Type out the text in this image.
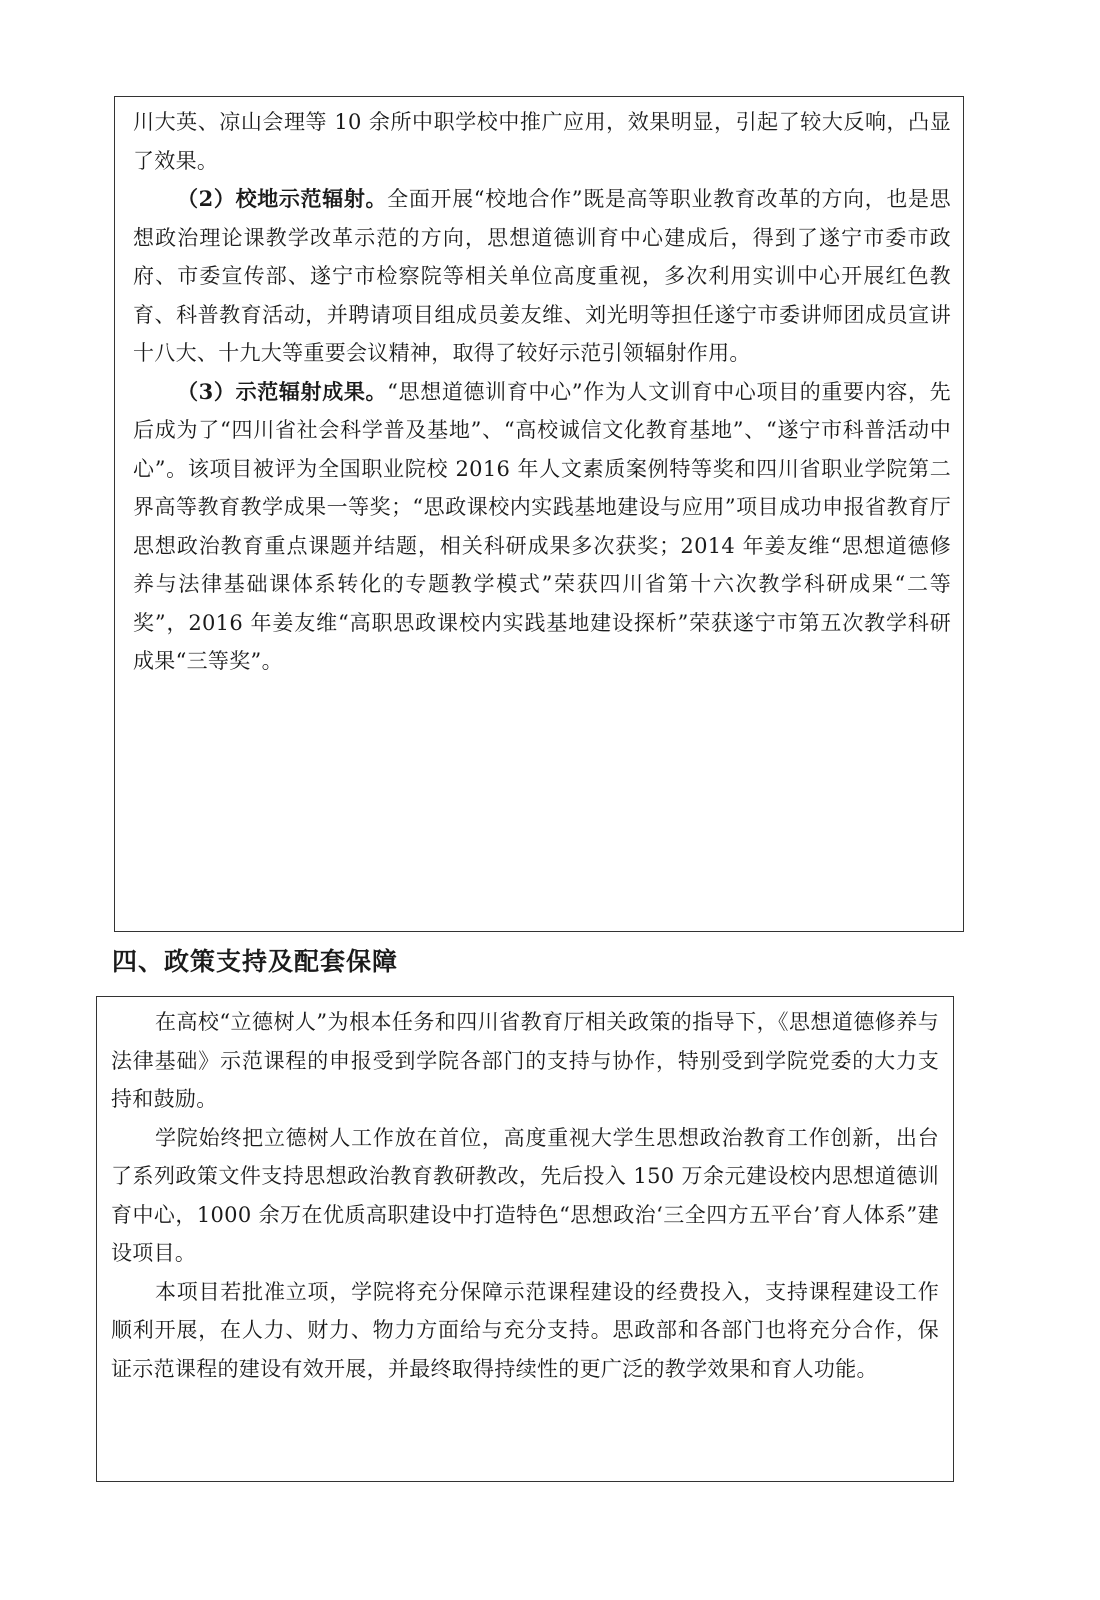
川大英、凉山会理等 10 余所中职学校中推广应用，效果明显，引起了较大反响，凸显了效果。

（2）校地示范辐射。全面开展“校地合作”既是高等职业教育改革的方向，也是思想政治理论课教学改革示范的方向，思想道德训育中心建成后，得到了遂宁市委市政府、市委宣传部、遂宁市检察院等相关单位高度重视，多次利用实训中心开展红色教育、科普教育活动，并聘请项目组成员姜友维、刘光明等担任遂宁市委讲师团成员宣讲十八大、十九大等重要会议精神，取得了较好示范引领辐射作用。

（3）示范辐射成果。“思想道德训育中心”作为人文训育中心项目的重要内容，先后成为了“四川省社会科学普及基地”、“高校诚信文化教育基地”、“遂宁市科普活动中心”。该项目被评为全国职业院校 2016 年人文素质案例特等奖和四川省职业学院第二界高等教育教学成果一等奖；“思政课校内实践基地建设与应用”项目成功申报省教育厅思想政治教育重点课题并结题，相关科研成果多次获奖；2014 年姜友维“思想道德修养与法律基础课体系转化的专题教学模式”荣获四川省第十六次教学科研成果“二等奖”，2016 年姜友维“高职思政课校内实践基地建设探析”荣获遂宁市第五次教学科研成果“三等奖”。

四、政策支持及配套保障

在高校“立德树人”为根本任务和四川省教育厅相关政策的指导下，《思想道德修养与法律基础》示范课程的申报受到学院各部门的支持与协作，特别受到学院党委的大力支持和鼓励。

学院始终把立德树人工作放在首位，高度重视大学生思想政治教育工作创新，出台了系列政策文件支持思想政治教育教研教改，先后投入 150 万余元建设校内思想道德训育中心，1000 余万在优质高职建设中打造特色“思想政治‘三全四方五平台’育人体系”建设项目。

本项目若批准立项，学院将充分保障示范课程建设的经费投入，支持课程建设工作顺利开展，在人力、财力、物力方面给与充分支持。思政部和各部门也将充分合作，保证示范课程的建设有效开展，并最终取得持续性的更广泛的教学效果和育人功能。
